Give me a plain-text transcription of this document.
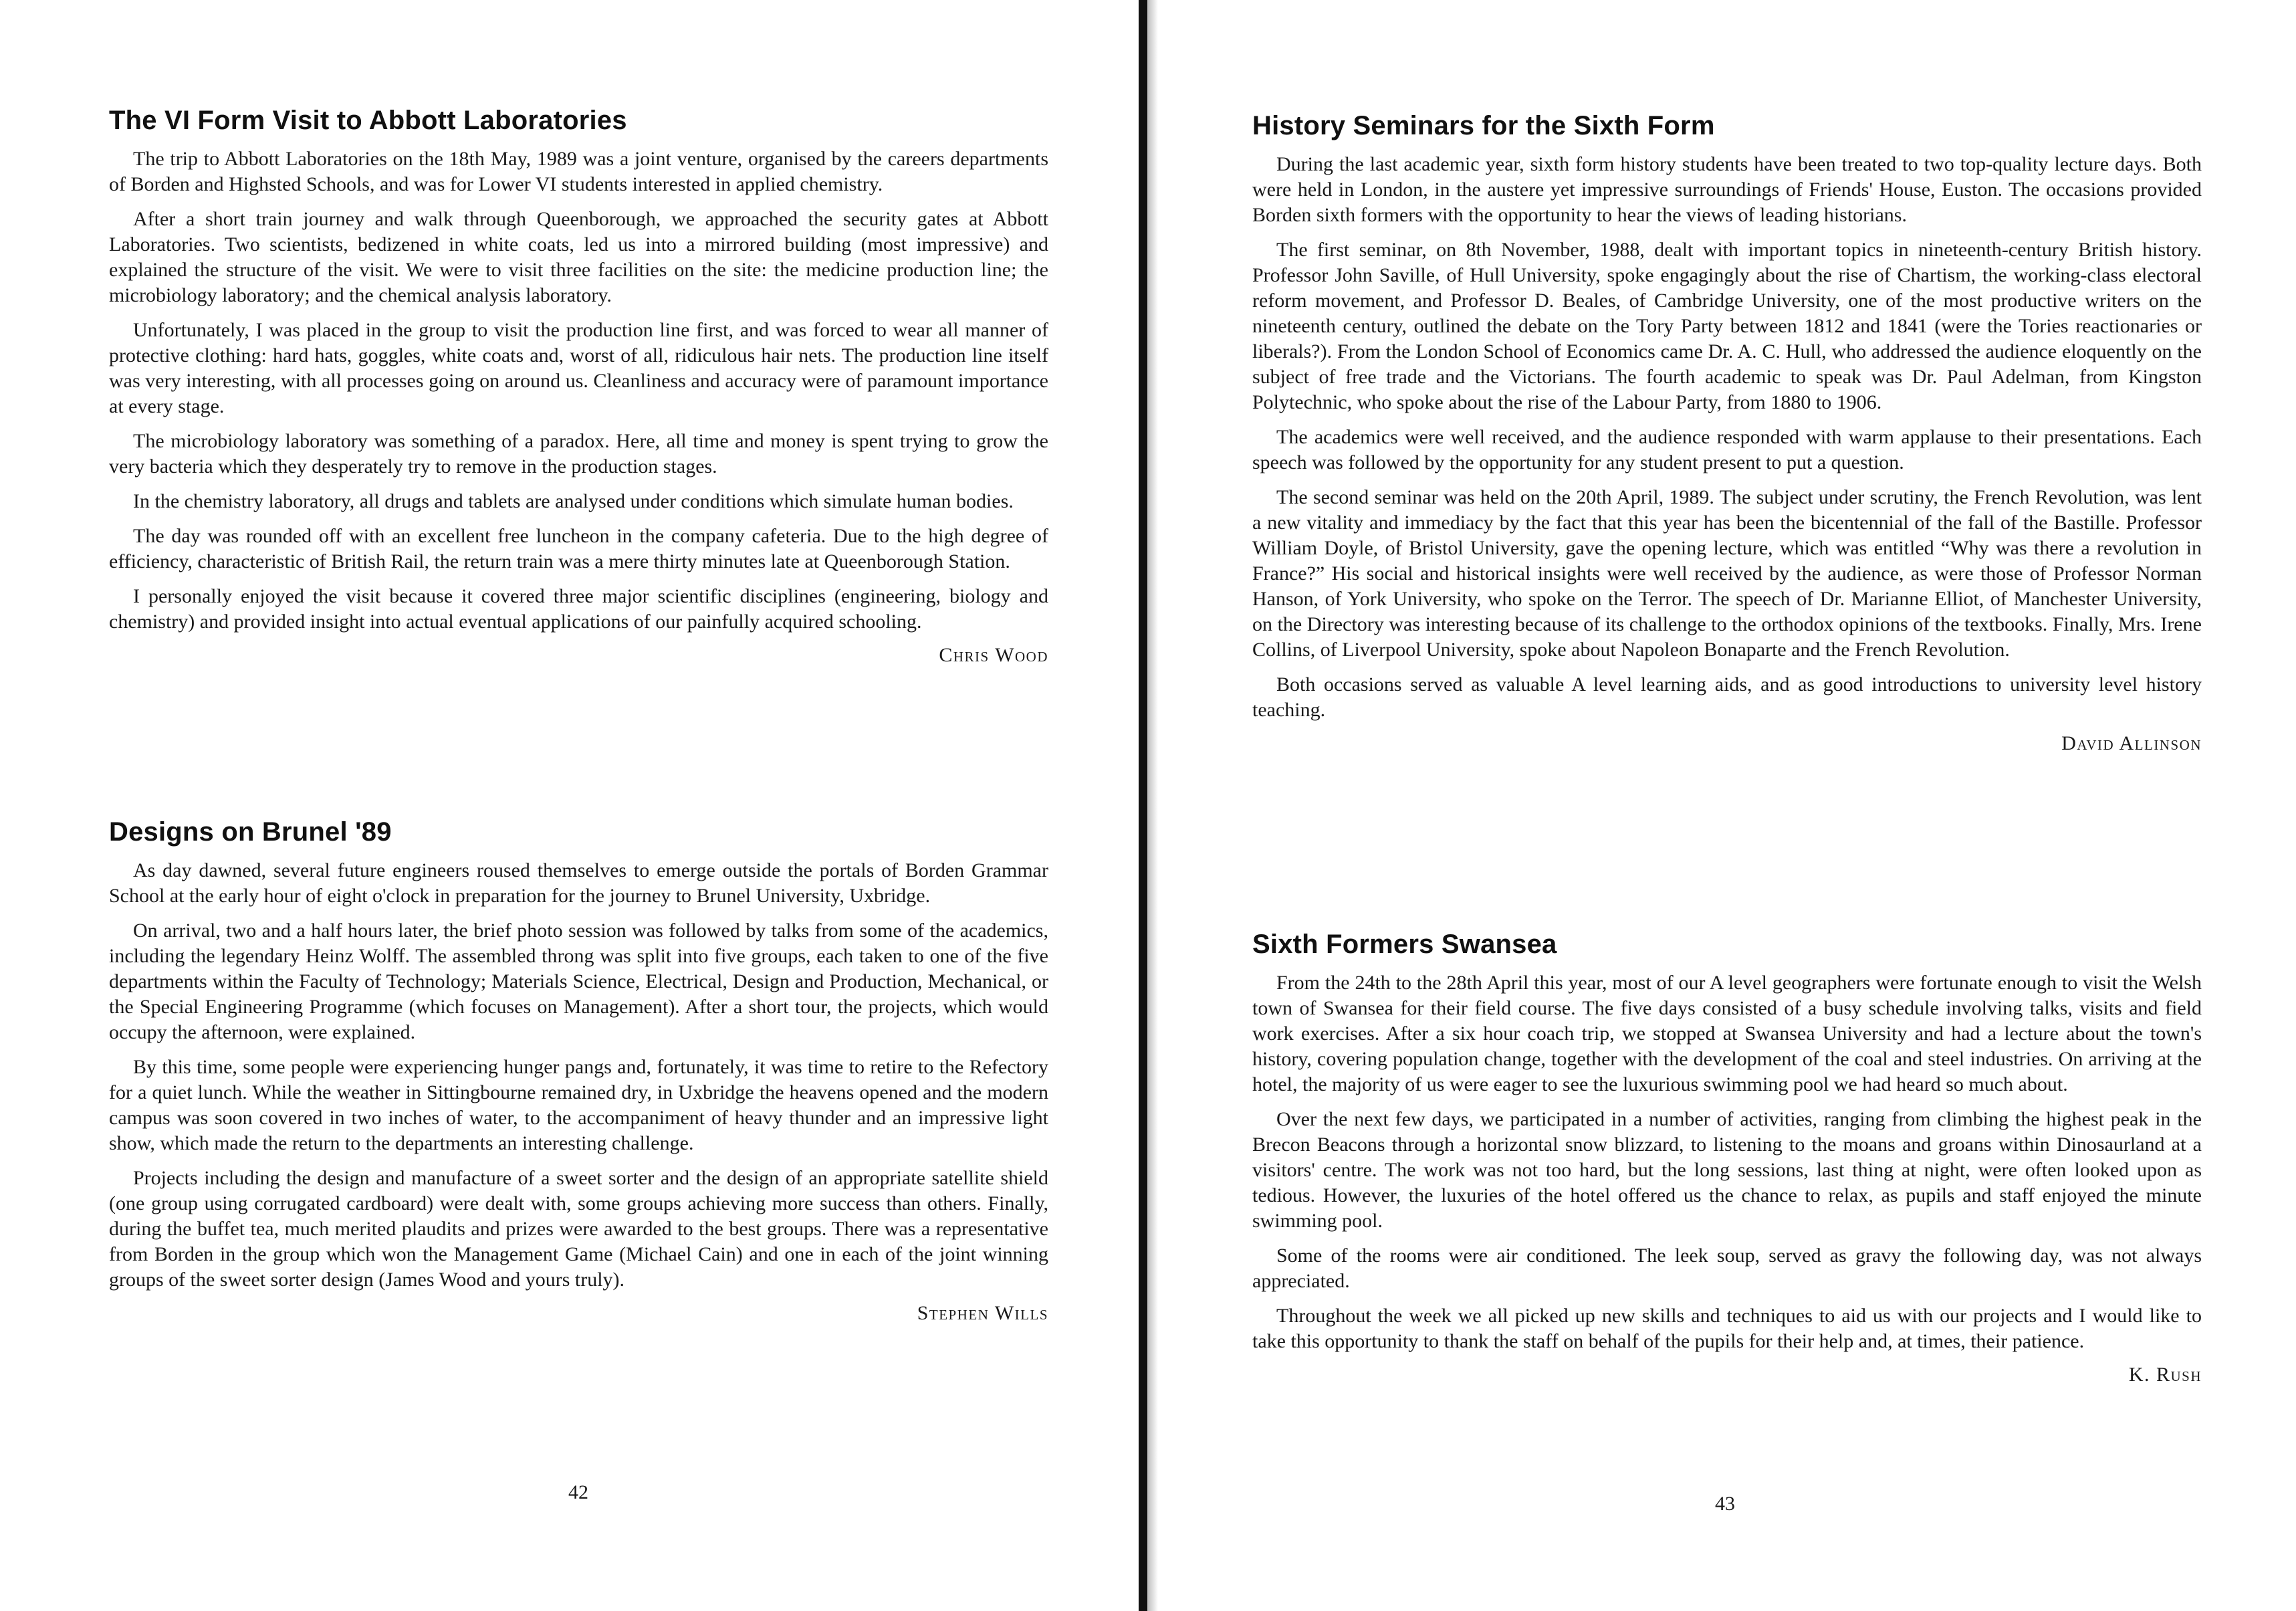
The VI Form Visit to Abbott Laboratories

The trip to Abbott Laboratories on the 18th May, 1989 was a joint venture, organised by the careers departments of Borden and Highsted Schools, and was for Lower VI students interested in applied chemistry.

After a short train journey and walk through Queenborough, we approached the security gates at Abbott Laboratories. Two scientists, bedizened in white coats, led us into a mirrored building (most impressive) and explained the structure of the visit. We were to visit three facilities on the site: the medicine production line; the microbiology laboratory; and the chemical analysis laboratory.

Unfortunately, I was placed in the group to visit the production line first, and was forced to wear all manner of protective clothing: hard hats, goggles, white coats and, worst of all, ridiculous hair nets. The production line itself was very interesting, with all processes going on around us. Cleanliness and accuracy were of paramount importance at every stage.

The microbiology laboratory was something of a paradox. Here, all time and money is spent trying to grow the very bacteria which they desperately try to remove in the production stages.

In the chemistry laboratory, all drugs and tablets are analysed under conditions which simulate human bodies.

The day was rounded off with an excellent free luncheon in the company cafeteria. Due to the high degree of efficiency, characteristic of British Rail, the return train was a mere thirty minutes late at Queenborough Station.

I personally enjoyed the visit because it covered three major scientific disciplines (engineering, biology and chemistry) and provided insight into actual eventual applications of our painfully acquired schooling.

Chris Wood
Designs on Brunel '89

As day dawned, several future engineers roused themselves to emerge outside the portals of Borden Grammar School at the early hour of eight o'clock in preparation for the journey to Brunel University, Uxbridge.

On arrival, two and a half hours later, the brief photo session was followed by talks from some of the academics, including the legendary Heinz Wolff. The assembled throng was split into five groups, each taken to one of the five departments within the Faculty of Technology; Materials Science, Electrical, Design and Production, Mechanical, or the Special Engineering Programme (which focuses on Management). After a short tour, the projects, which would occupy the afternoon, were explained.

By this time, some people were experiencing hunger pangs and, fortunately, it was time to retire to the Refectory for a quiet lunch. While the weather in Sittingbourne remained dry, in Uxbridge the heavens opened and the modern campus was soon covered in two inches of water, to the accompaniment of heavy thunder and an impressive light show, which made the return to the departments an interesting challenge.

Projects including the design and manufacture of a sweet sorter and the design of an appropriate satellite shield (one group using corrugated cardboard) were dealt with, some groups achieving more success than others. Finally, during the buffet tea, much merited plaudits and prizes were awarded to the best groups. There was a representative from Borden in the group which won the Management Game (Michael Cain) and one in each of the joint winning groups of the sweet sorter design (James Wood and yours truly).

Stephen Wills
42
History Seminars for the Sixth Form

During the last academic year, sixth form history students have been treated to two top-quality lecture days. Both were held in London, in the austere yet impressive surroundings of Friends' House, Euston. The occasions provided Borden sixth formers with the opportunity to hear the views of leading historians.

The first seminar, on 8th November, 1988, dealt with important topics in nineteenth-century British history. Professor John Saville, of Hull University, spoke engagingly about the rise of Chartism, the working-class electoral reform movement, and Professor D. Beales, of Cambridge University, one of the most productive writers on the nineteenth century, outlined the debate on the Tory Party between 1812 and 1841 (were the Tories reactionaries or liberals?). From the London School of Economics came Dr. A. C. Hull, who addressed the audience eloquently on the subject of free trade and the Victorians. The fourth academic to speak was Dr. Paul Adelman, from Kingston Polytechnic, who spoke about the rise of the Labour Party, from 1880 to 1906.

The academics were well received, and the audience responded with warm applause to their presentations. Each speech was followed by the opportunity for any student present to put a question.

The second seminar was held on the 20th April, 1989. The subject under scrutiny, the French Revolution, was lent a new vitality and immediacy by the fact that this year has been the bicentennial of the fall of the Bastille. Professor William Doyle, of Bristol University, gave the opening lecture, which was entitled “Why was there a revolution in France?” His social and historical insights were well received by the audience, as were those of Professor Norman Hanson, of York University, who spoke on the Terror. The speech of Dr. Marianne Elliot, of Manchester University, on the Directory was interesting because of its challenge to the orthodox opinions of the textbooks. Finally, Mrs. Irene Collins, of Liverpool University, spoke about Napoleon Bonaparte and the French Revolution.

Both occasions served as valuable A level learning aids, and as good introductions to university level history teaching.

David Allinson
Sixth Formers Swansea

From the 24th to the 28th April this year, most of our A level geographers were fortunate enough to visit the Welsh town of Swansea for their field course. The five days consisted of a busy schedule involving talks, visits and field work exercises. After a six hour coach trip, we stopped at Swansea University and had a lecture about the town's history, covering population change, together with the development of the coal and steel industries. On arriving at the hotel, the majority of us were eager to see the luxurious swimming pool we had heard so much about.

Over the next few days, we participated in a number of activities, ranging from climbing the highest peak in the Brecon Beacons through a horizontal snow blizzard, to listening to the moans and groans within Dinosaurland at a visitors' centre. The work was not too hard, but the long sessions, last thing at night, were often looked upon as tedious. However, the luxuries of the hotel offered us the chance to relax, as pupils and staff enjoyed the minute swimming pool.

Some of the rooms were air conditioned. The leek soup, served as gravy the following day, was not always appreciated.

Throughout the week we all picked up new skills and techniques to aid us with our projects and I would like to take this opportunity to thank the staff on behalf of the pupils for their help and, at times, their patience.

K. Rush
43
